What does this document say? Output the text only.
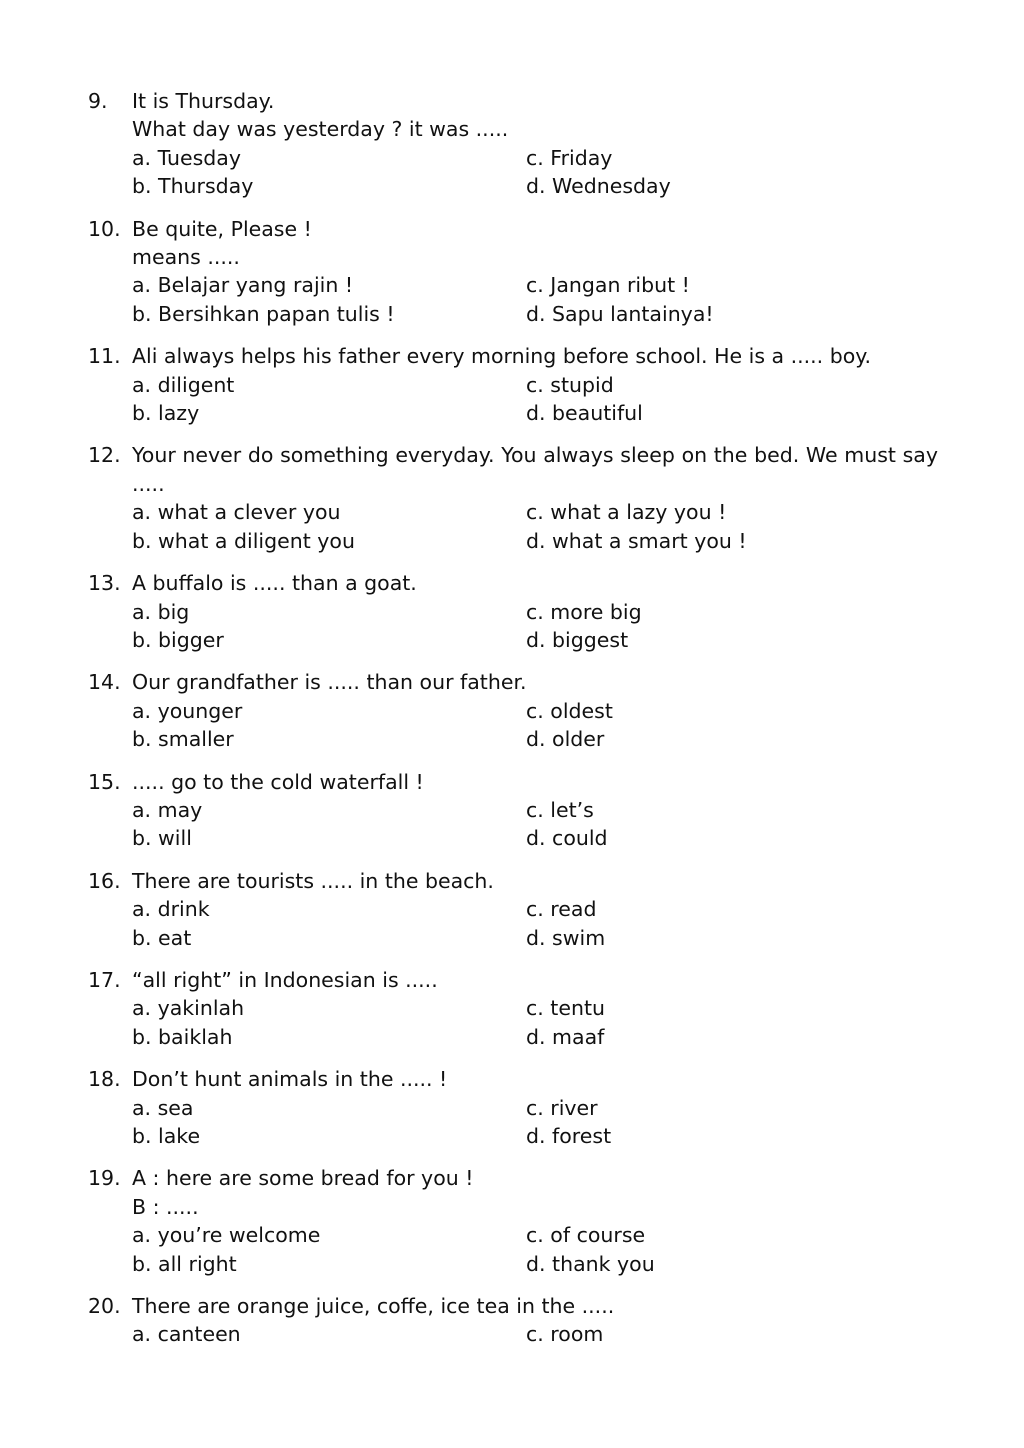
9.	It is Thursday.
What day was yesterday ? it was .....
a. Tuesday	c. Friday
b. Thursday	d. Wednesday
10. Be quite, Please !
means .....
a. Belajar yang rajin !	c. Jangan ribut !
b. Bersihkan papan tulis !	d. Sapu lantainya!
11. Ali always helps his father every morning before school. He is a ..... boy.
a. diligent	c. stupid
b. lazy	d. beautiful
12. Your never do something everyday. You always sleep on the bed. We must say .....
a. what a clever you	c. what a lazy you !
b. what a diligent you	d. what a smart you !
13. A buffalo is ..... than a goat.
a. big	c. more big
b. bigger	d. biggest
14. Our grandfather is ..... than our father.
a. younger	c. oldest
b. smaller	d. older
15. ..... go to the cold waterfall !
a. may	c. let’s
b. will	d. could
16. There are tourists ..... in the beach.
a. drink	c. read
b. eat	d. swim
17. “all right” in Indonesian is .....
a. yakinlah	c. tentu
b. baiklah	d. maaf
18. Don’t hunt animals in the ..... !
a. sea	c. river
b. lake	d. forest
19. A : here are some bread for you !
B : .....
a. you’re welcome	c. of course
b. all right	d. thank you
20. There are orange juice, coffe, ice tea in the .....
a. canteen	c. room
